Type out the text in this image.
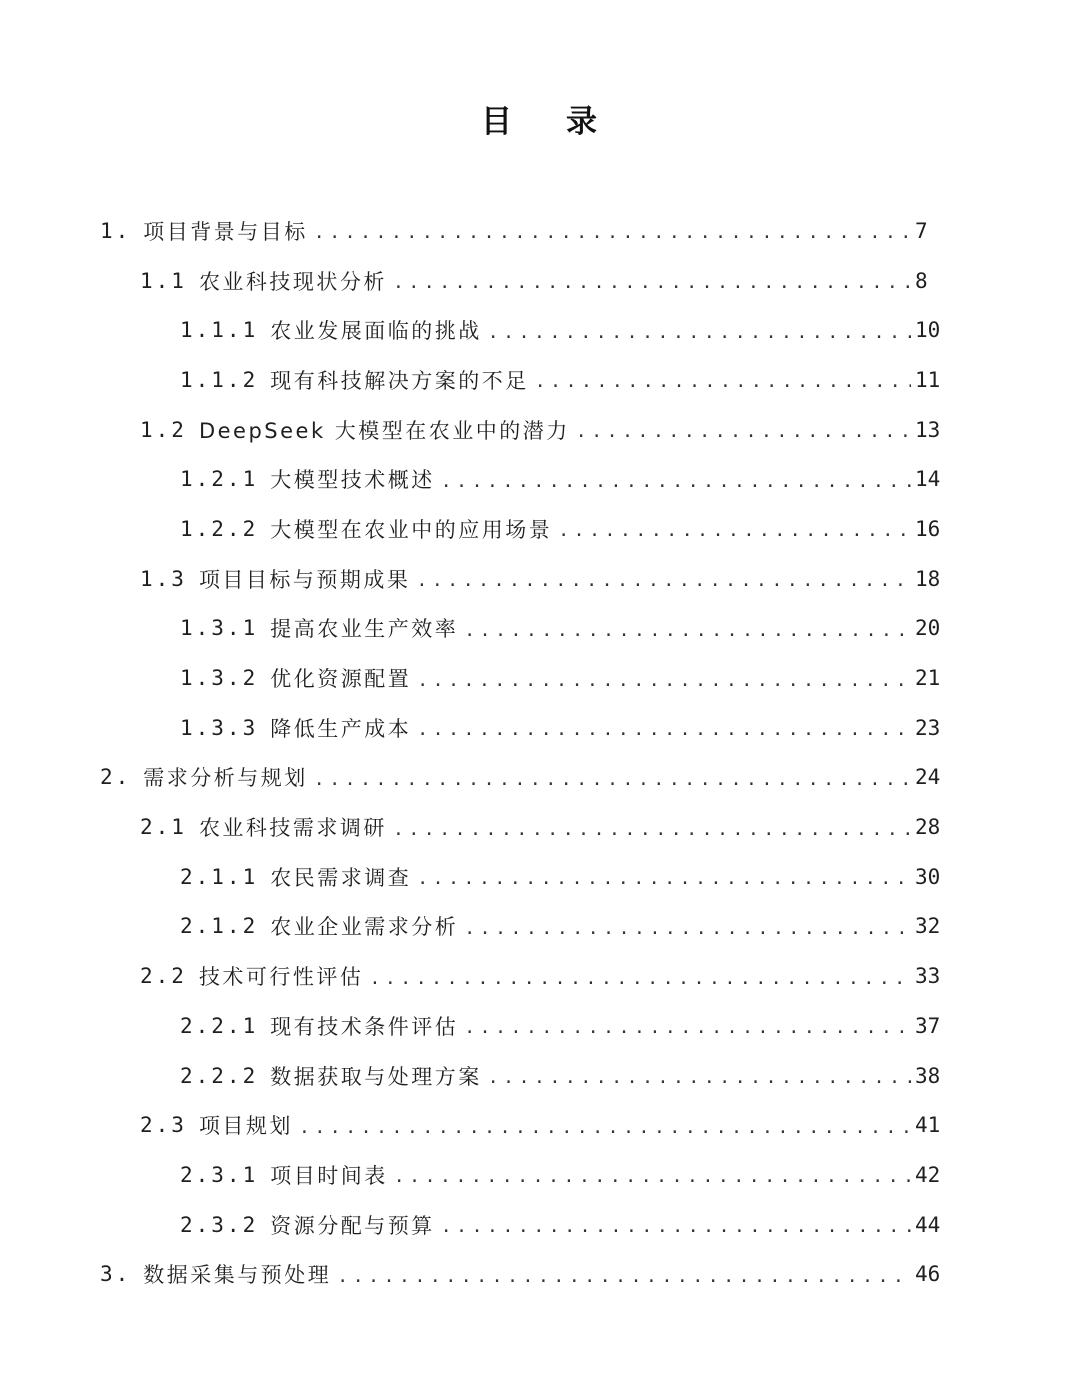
目 录
1. 项目背景与目标 .....	7
1.1 农业科技现状分析 .....	8
1.1.1 农业发展面临的挑战 .....	10
1.1.2 现有科技解决方案的不足 .....	11
1.2 DeepSeek 大模型在农业中的潜力 .....	13
1.2.1 大模型技术概述 .....	14
1.2.2 大模型在农业中的应用场景 .....	16
1.3 项目目标与预期成果 .....	18
1.3.1 提高农业生产效率 .....	20
1.3.2 优化资源配置 .....	21
1.3.3 降低生产成本 .....	23
2. 需求分析与规划 .....	24
2.1 农业科技需求调研 .....	28
2.1.1 农民需求调查 .....	30
2.1.2 农业企业需求分析 .....	32
2.2 技术可行性评估 .....	33
2.2.1 现有技术条件评估 .....	37
2.2.2 数据获取与处理方案 .....	38
2.3 项目规划 .....	41
2.3.1 项目时间表 .....	42
2.3.2 资源分配与预算 .....	44
3. 数据采集与预处理 .....	46
